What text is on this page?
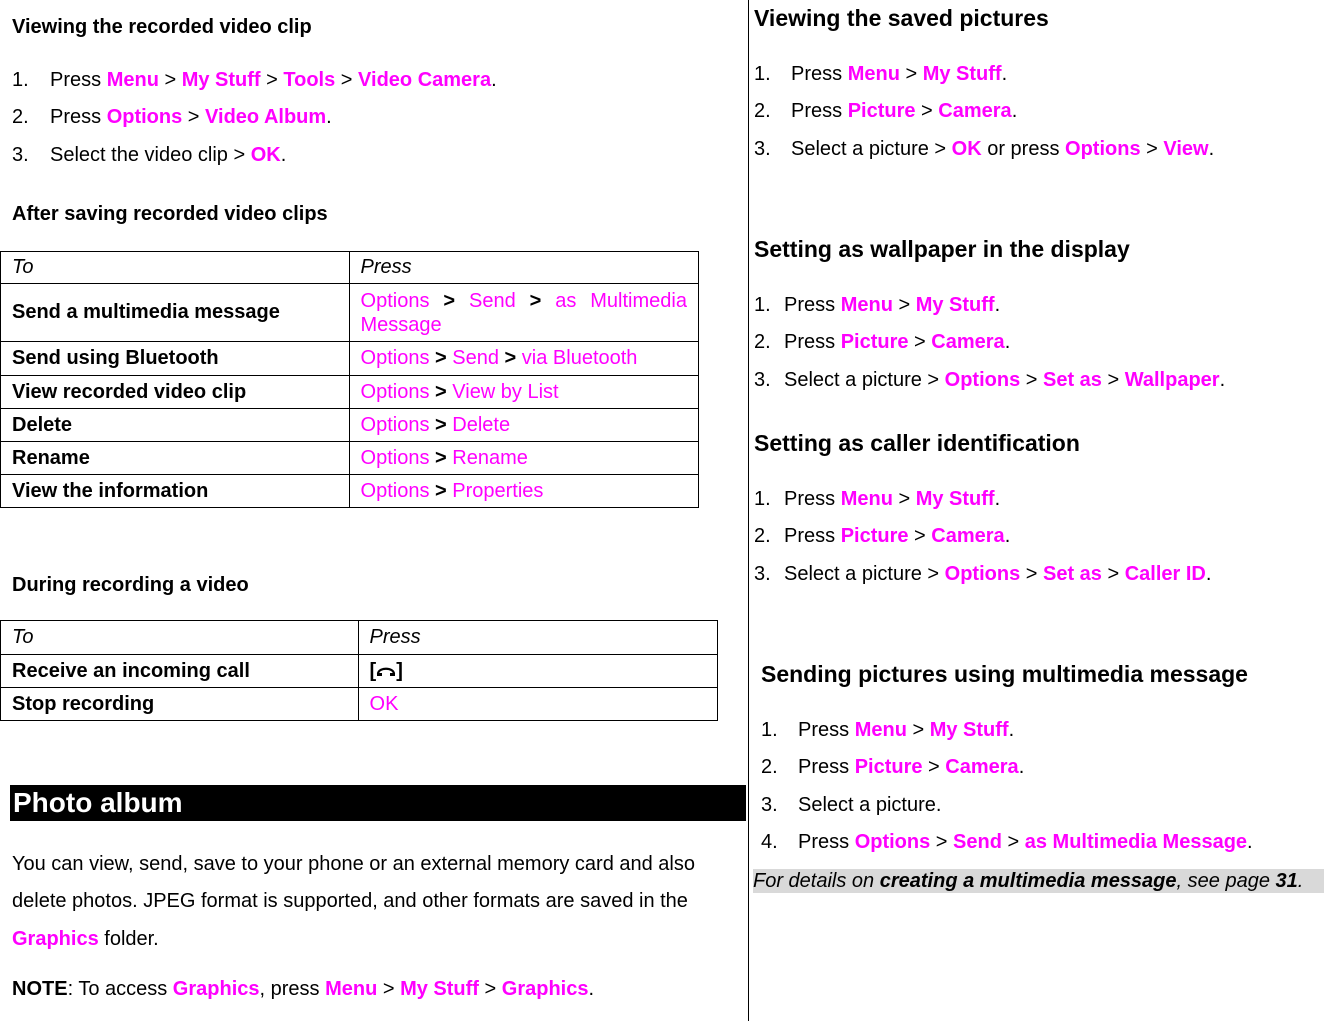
Viewing the recorded video clip
1. Press Menu > My Stuff > Tools > Video Camera.
2. Press Options > Video Album.
3. Select the video clip > OK.
After saving recorded video clips
To	Press
Send a multimedia message	Options > Send > as Multimedia Message
Send using Bluetooth	Options > Send > via Bluetooth
View recorded video clip	Options > View by List
Delete	Options > Delete
Rename	Options > Rename
View the information	Options > Properties
During recording a video
To	Press
Receive an incoming call	[ ]
Stop recording	OK
Photo album
You can view, send, save to your phone or an external memory card and also
delete photos. JPEG format is supported, and other formats are saved in the
Graphics folder.
NOTE: To access Graphics, press Menu > My Stuff > Graphics.
Viewing the saved pictures
1. Press Menu > My Stuff.
2. Press Picture > Camera.
3. Select a picture > OK or press Options > View.
Setting as wallpaper in the display
1. Press Menu > My Stuff.
2. Press Picture > Camera.
3. Select a picture > Options > Set as > Wallpaper.
Setting as caller identification
1. Press Menu > My Stuff.
2. Press Picture > Camera.
3. Select a picture > Options > Set as > Caller ID.
Sending pictures using multimedia message
1. Press Menu > My Stuff.
2. Press Picture > Camera.
3. Select a picture.
4. Press Options > Send > as Multimedia Message.
For details on creating a multimedia message, see page 31.
